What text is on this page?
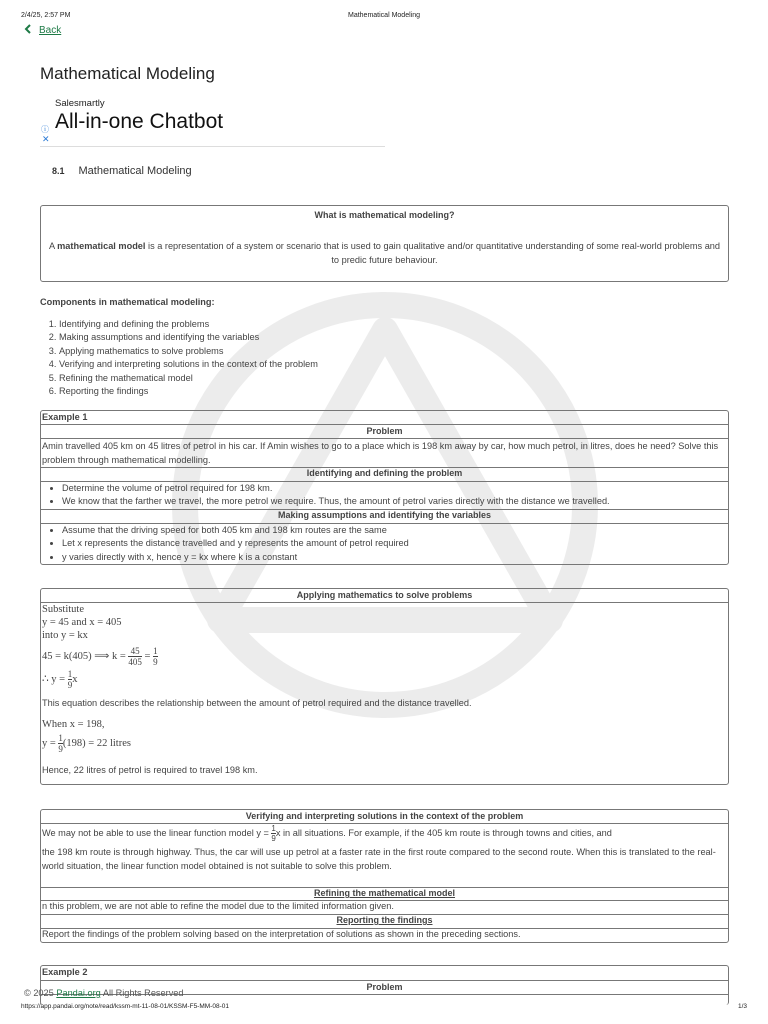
2/4/25, 2:57 PM	Mathematical Modeling
Back
Mathematical Modeling
Salesmartly
All-in-one Chatbot
ⓘ
✕
8.1 Mathematical Modeling
What is mathematical modeling?
A mathematical model is a representation of a system or scenario that is used to gain qualitative and/or quantitative understanding of some real-world problems and to predic future behaviour.
Components in mathematical modeling:
1. Identifying and defining the problems
2. Making assumptions and identifying the variables
3. Applying mathematics to solve problems
4. Verifying and interpreting solutions in the context of the problem
5. Refining the mathematical model
6. Reporting the findings
Example 1
Problem
Amin travelled 405 km on 45 litres of petrol in his car. If Amin wishes to go to a place which is 198 km away by car, how much petrol, in litres, does he need? Solve this problem through mathematical modelling.
Identifying and defining the problem
• Determine the volume of petrol required for 198 km.
• We know that the farther we travel, the more petrol we require. Thus, the amount of petrol varies directly with the distance we travelled.
Making assumptions and identifying the variables
• Assume that the driving speed for both 405 km and 198 km routes are the same
• Let x represents the distance travelled and y represents the amount of petrol required
• y varies directly with x, hence y = kx where k is a constant
Applying mathematics to solve problems
Substitute
y = 45 and x = 405
into y = kx
45 = k(405) ⟹ $k = \frac{45}{405} = \frac{1}{9}$
∴ $y = \frac{1}{9}$ x
This equation describes the relationship between the amount of petrol required and the distance travelled.
When x = 198,
$y = \frac{1}{9} (198) = 22$ litres
Hence, 22 litres of petrol is required to travel 198 km.
Verifying and interpreting solutions in the context of the problem
We may not be able to use the linear function model $y = \frac{1}{9}$ x in all situations. For example, if the 405 km route is through towns and cities, and
the 198 km route is through highway. Thus, the car will use up petrol at a faster rate in the first route compared to the second route. When this is translated to the real-world situation, the linear function model obtained is not suitable to solve this problem.
Refining the mathematical model
n this problem, we are not able to refine the model due to the limited information given.
Reporting the findings
Report the findings of the problem solving based on the interpretation of solutions as shown in the preceding sections.
Example 2
Problem
© 2025 Pandai.org All Rights Reserved
https://app.pandai.org/note/read/kssm-mt-11-08-01/KSSM-F5-MM-08-01	1/3
